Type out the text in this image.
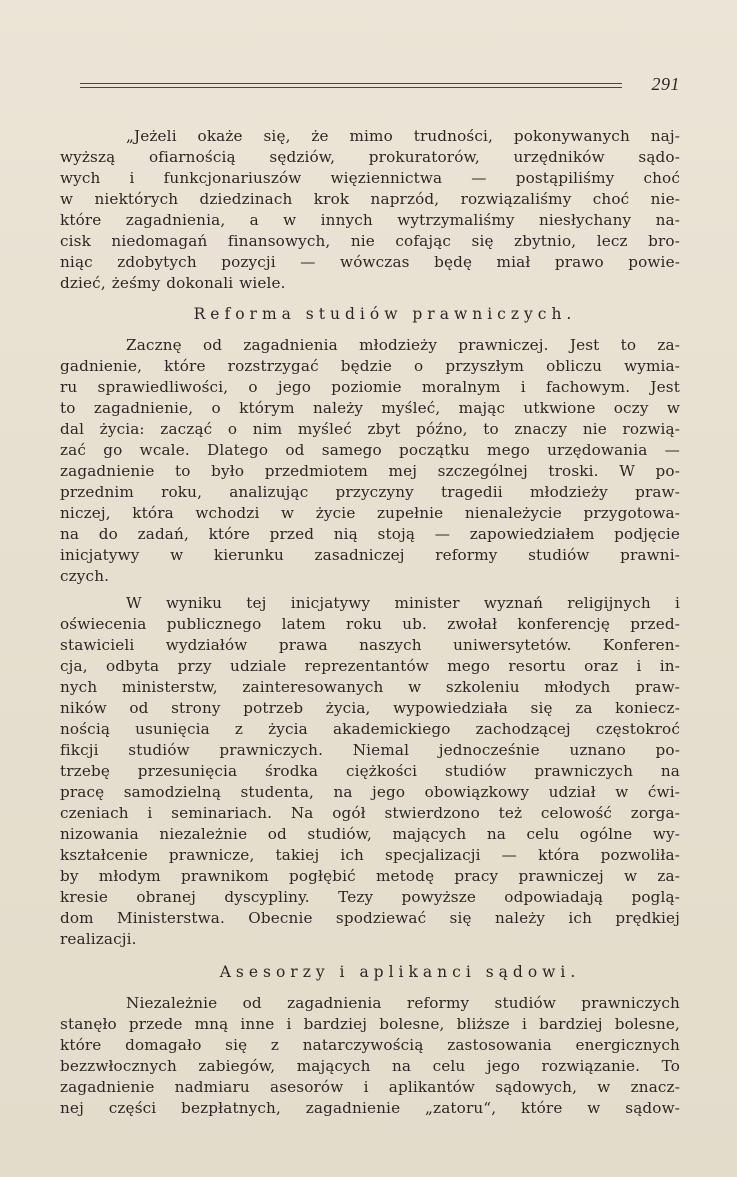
291

„Jeżeli okaże się, że mimo trudności, pokonywanych naj-
wyższą ofiarnością sędziów, prokuratorów, urzędników sądo-
wych i funkcjonariuszów więziennictwa — postąpiliśmy choć
w niektórych dziedzinach krok naprzód, rozwiązaliśmy choć nie-
które zagadnienia, a w innych wytrzymaliśmy niesłychany na-
cisk niedomagań finansowych, nie cofając się zbytnio, lecz bro-
niąc zdobytych pozycji — wówczas będę miał prawo powie-
dzieć, żeśmy dokonali wiele.

Reforma studiów prawniczych.

Zacznę od zagadnienia młodzieży prawniczej. Jest to za-
gadnienie, które rozstrzygać będzie o przyszłym obliczu wymia-
ru sprawiedliwości, o jego poziomie moralnym i fachowym. Jest
to zagadnienie, o którym należy myśleć, mając utkwione oczy w
dal życia: zacząć o nim myśleć zbyt późno, to znaczy nie rozwią-
zać go wcale. Dlatego od samego początku mego urzędowania —
zagadnienie to było przedmiotem mej szczególnej troski. W po-
przednim roku, analizując przyczyny tragedii młodzieży praw-
niczej, która wchodzi w życie zupełnie nienależycie przygotowa-
na do zadań, które przed nią stoją — zapowiedziałem podjęcie
inicjatywy w kierunku zasadniczej reformy studiów prawni-
czych.

W wyniku tej inicjatywy minister wyznań religijnych i
oświecenia publicznego latem roku ub. zwołał konferencję przed-
stawicieli wydziałów prawa naszych uniwersytetów. Konferen-
cja, odbyta przy udziale reprezentantów mego resortu oraz i in-
nych ministerstw, zainteresowanych w szkoleniu młodych praw-
ników od strony potrzeb życia, wypowiedziała się za koniecz-
nością usunięcia z życia akademickiego zachodzącej częstokroć
fikcji studiów prawniczych. Niemal jednocześnie uznano po-
trzebę przesunięcia środka ciężkości studiów prawniczych na
pracę samodzielną studenta, na jego obowiązkowy udział w ćwi-
czeniach i seminariach. Na ogół stwierdzono też celowość zorga-
nizowania niezależnie od studiów, mających na celu ogólne wy-
kształcenie prawnicze, takiej ich specjalizacji — która pozwoliła-
by młodym prawnikom pogłębić metodę pracy prawniczej w za-
kresie obranej dyscypliny. Tezy powyższe odpowiadają poglą-
dom Ministerstwa. Obecnie spodziewać się należy ich prędkiej
realizacji.

Asesorzy i aplikanci sądowi.

Niezależnie od zagadnienia reformy studiów prawniczych
stanęło przede mną inne i bardziej bolesne, bliższe i bardziej bolesne,
które domagało się z natarczywością zastosowania energicznych
bezzwłocznych zabiegów, mających na celu jego rozwiązanie. To
zagadnienie nadmiaru asesorów i aplikantów sądowych, w znacz-
nej części bezpłatnych, zagadnienie „zatoru“, które w sądow-
